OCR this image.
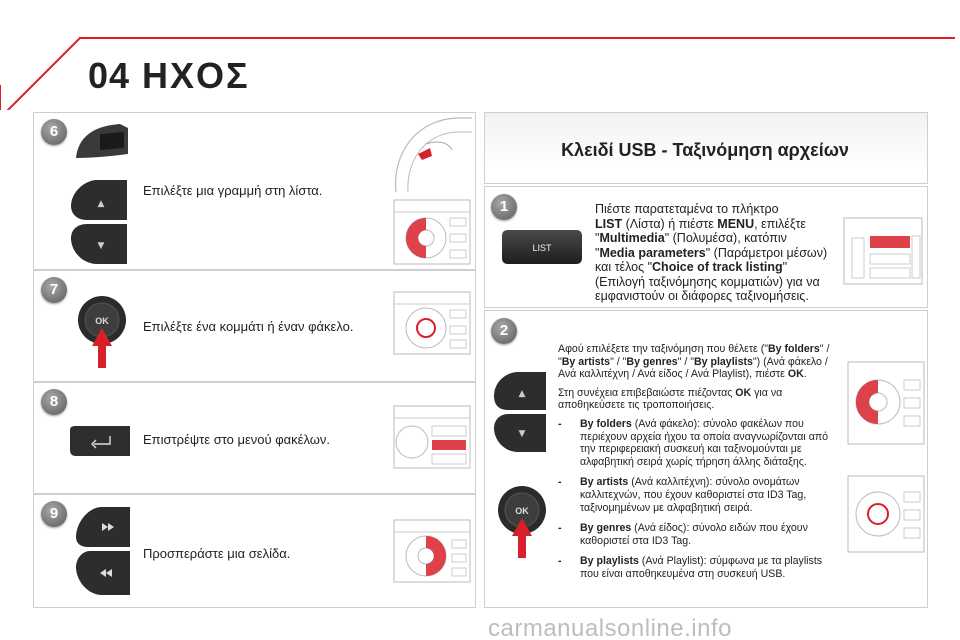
04 ΗΧΟΣ
6
▲
▼
Επιλέξτε μια γραμμή στη λίστα.
7
OK	Επιλέξτε ένα κομμάτι ή έναν φάκελο.
8
Επιστρέψτε στο μενού φακέλων.
9
Προσπεράστε μια σελίδα.
Κλειδί USB - Ταξινόμηση αρχείων
1
LIST
Πιέστε παρατεταμένα το πλήκτρο
LIST (Λίστα) ή πιέστε MENU, επιλέξτε
"Multimedia" (Πολυμέσα), κατόπιν
"Media parameters" (Παράμετροι μέσων)
και τέλος "Choice of track listing"
(Επιλογή ταξινόμησης κομματιών) για να εμφανιστούν οι διάφορες ταξινομήσεις.
2
▲
▼
OK

Αφού επιλέξετε την ταξινόμηση που θέλετε ("By folders" / "By artists" / "By genres" / "By playlists") (Ανά φάκελο / Ανά καλλιτέχνη / Ανά είδος / Ανά Playlist), πιέστε OK.

Στη συνέχεια επιβεβαιώστε πιέζοντας OK για να αποθηκεύσετε τις τροποποιήσεις.

-	By folders (Ανά φάκελο): σύνολο φακέλων που περιέχουν αρχεία ήχου τα οποία αναγνωρίζονται από την περιφερειακή συσκευή και ταξινομούνται με αλφαβητική σειρά χωρίς τήρηση άλλης διάταξης.
-	By artists (Ανά καλλιτέχνη): σύνολο ονομάτων καλλιτεχνών, που έχουν καθοριστεί στα ID3 Tag, ταξινομημένων με αλφαβητική σειρά.
-	By genres (Ανά είδος): σύνολο ειδών που έχουν καθοριστεί στα ID3 Tag.
-	By playlists (Ανά Playlist): σύμφωνα με τα playlists που είναι αποθηκευμένα στη συσκευή USB.
carmanualsonline.info
